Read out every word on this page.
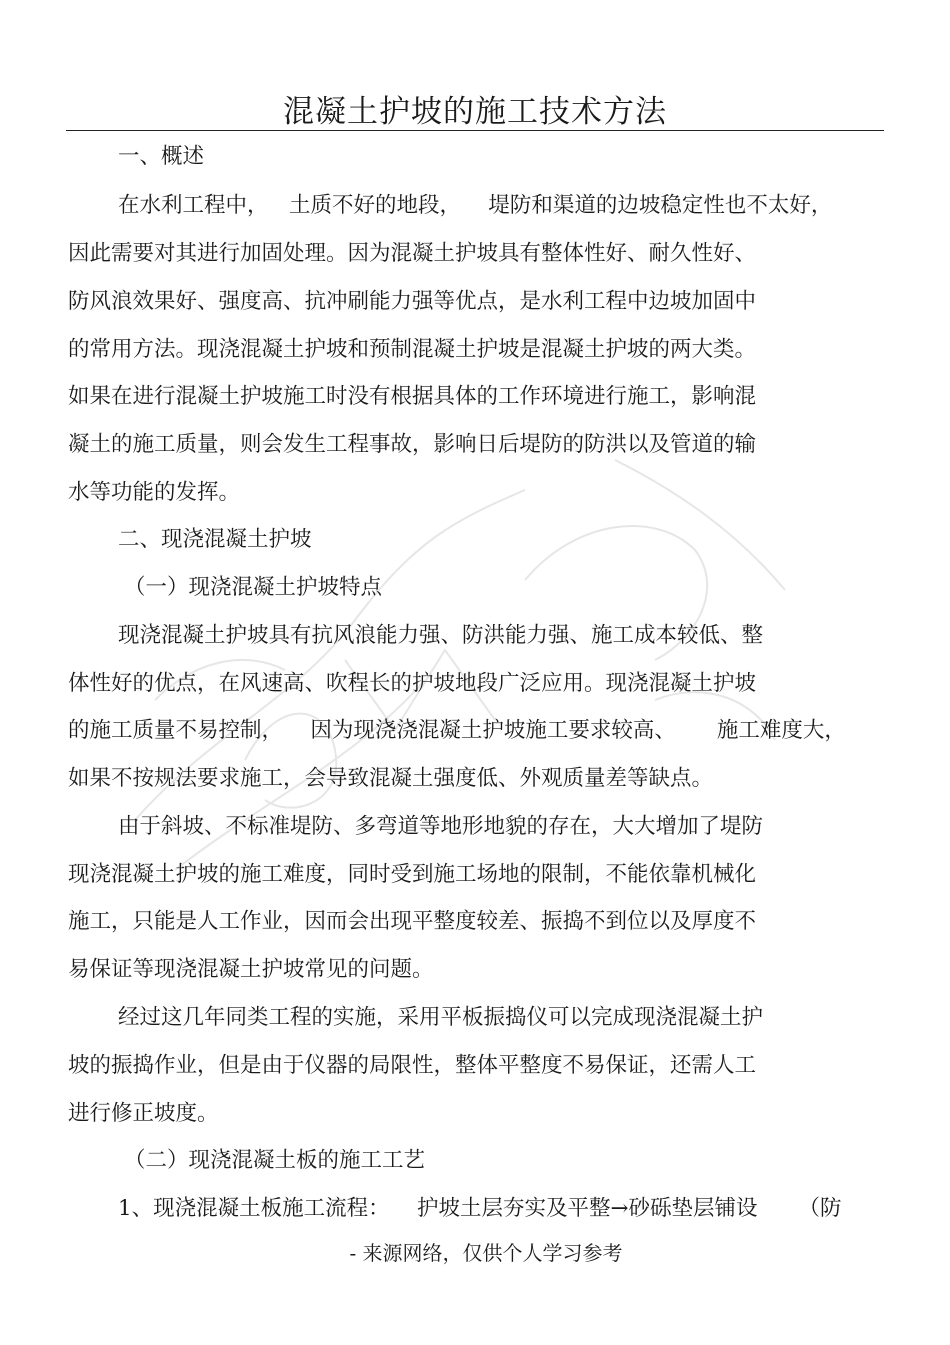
混凝土护坡的施工技术方法
一、概述
在水利工程中，   土质不好的地段，    堤防和渠道的边坡稳定性也不太好，
因此需要对其进行加固处理。因为混凝土护坡具有整体性好、耐久性好、
防风浪效果好、强度高、抗冲刷能力强等优点，是水利工程中边坡加固中
的常用方法。现浇混凝土护坡和预制混凝土护坡是混凝土护坡的两大类。
如果在进行混凝土护坡施工时没有根据具体的工作环境进行施工，影响混
凝土的施工质量，则会发生工程事故，影响日后堤防的防洪以及管道的输
水等功能的发挥。
二、现浇混凝土护坡
（一）现浇混凝土护坡特点
现浇混凝土护坡具有抗风浪能力强、防洪能力强、施工成本较低、整
体性好的优点，在风速高、吹程长的护坡地段广泛应用。现浇混凝土护坡
的施工质量不易控制，    因为现浇浇混凝土护坡施工要求较高、      施工难度大，
如果不按规法要求施工，会导致混凝土强度低、外观质量差等缺点。
由于斜坡、不标准堤防、多弯道等地形地貌的存在，大大增加了堤防
现浇混凝土护坡的施工难度，同时受到施工场地的限制，不能依靠机械化
施工，只能是人工作业，因而会出现平整度较差、振捣不到位以及厚度不
易保证等现浇混凝土护坡常见的问题。
经过这几年同类工程的实施，采用平板振捣仪可以完成现浇混凝土护
坡的振捣作业，但是由于仪器的局限性，整体平整度不易保证，还需人工
进行修正坡度。
（二）现浇混凝土板的施工工艺
1、现浇混凝土板施工流程：    护坡土层夯实及平整→砂砾垫层铺设      （防
- 来源网络，仅供个人学习参考
